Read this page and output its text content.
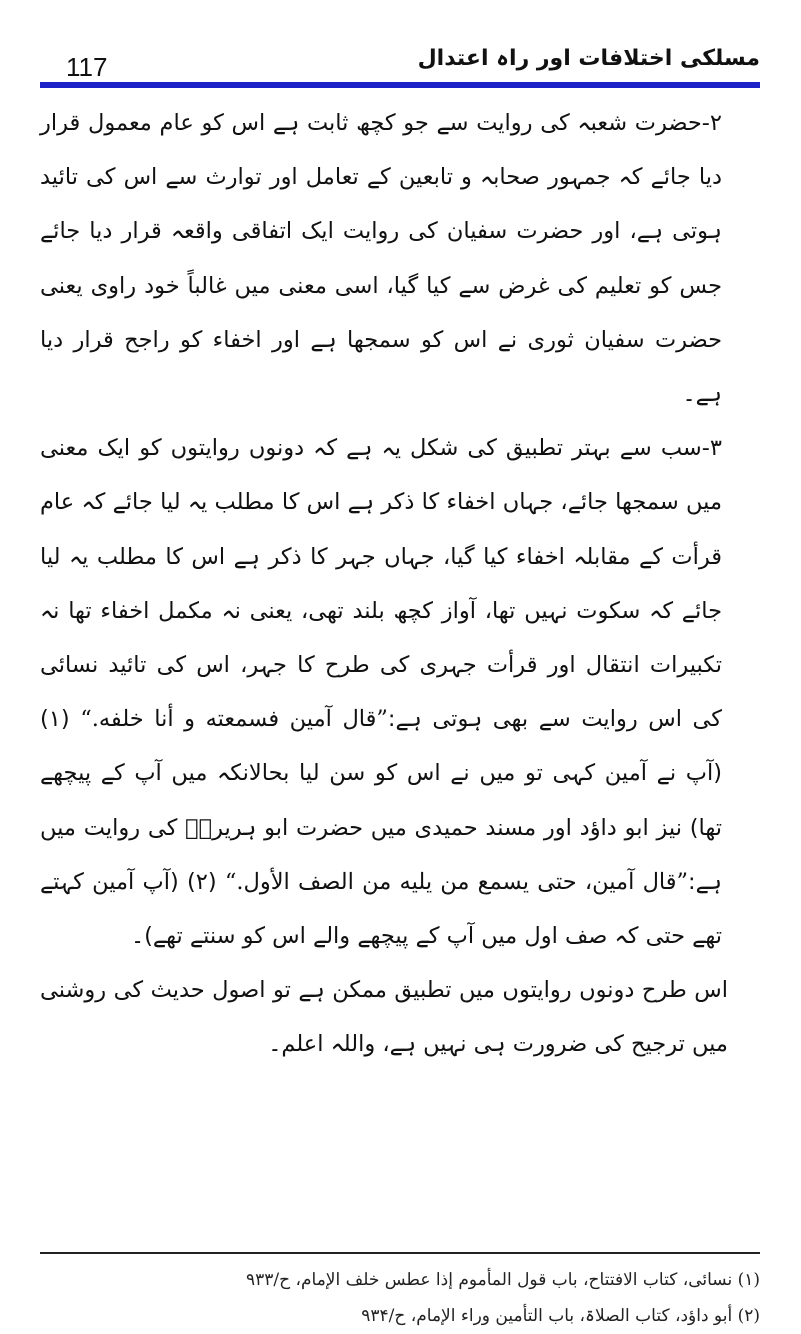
117	مسلکی اختلافات اور راہ اعتدال

۲-حضرت شعبہ کی روایت سے جو کچھ ثابت ہے اس کو عام معمول قرار دیا جائے کہ جمہور صحابہ و تابعین کے تعامل اور توارث سے اس کی تائید ہوتی ہے، اور حضرت سفیان کی روایت ایک اتفاقی واقعہ قرار دیا جائے جس کو تعلیم کی غرض سے کیا گیا، اسی معنی میں غالباً خود راوی یعنی حضرت سفیان ثوری نے اس کو سمجھا ہے اور اخفاء کو راجح قرار دیا ہے۔

۳-سب سے بہتر تطبیق کی شکل یہ ہے کہ دونوں روایتوں کو ایک معنی میں سمجھا جائے، جہاں اخفاء کا ذکر ہے اس کا مطلب یہ لیا جائے کہ عام قرأت کے مقابلہ اخفاء کیا گیا، جہاں جہر کا ذکر ہے اس کا مطلب یہ لیا جائے کہ سکوت نہیں تھا، آواز کچھ بلند تھی، یعنی نہ مکمل اخفاء تھا نہ تکبیرات انتقال اور قرأت جہری کی طرح کا جہر، اس کی تائید نسائی کی اس روایت سے بھی ہوتی ہے:”قال آمین فسمعته و أنا خلفه.“ (۱) (آپ نے آمین کہی تو میں نے اس کو سن لیا بحالانکہ میں آپ کے پیچھے تھا) نیز ابو داؤد اور مسند حمیدی میں حضرت ابو ہریرہؓ کی روایت میں ہے:”قال آمین، حتی یسمع من یلیه من الصف الأول.“ (۲) (آپ آمین کہتے تھے حتی کہ صف اول میں آپ کے پیچھے والے اس کو سنتے تھے)۔

اس طرح دونوں روایتوں میں تطبیق ممکن ہے تو اصول حدیث کی روشنی میں ترجیح کی ضرورت ہی نہیں ہے، واللہ اعلم۔

(۱) نسائی، کتاب الافتتاح، باب قول المأموم إذا عطس خلف الإمام، ح/۹۳۳

(۲) أبو داؤد، کتاب الصلاۃ، باب التأمین وراء الإمام، ح/۹۳۴
